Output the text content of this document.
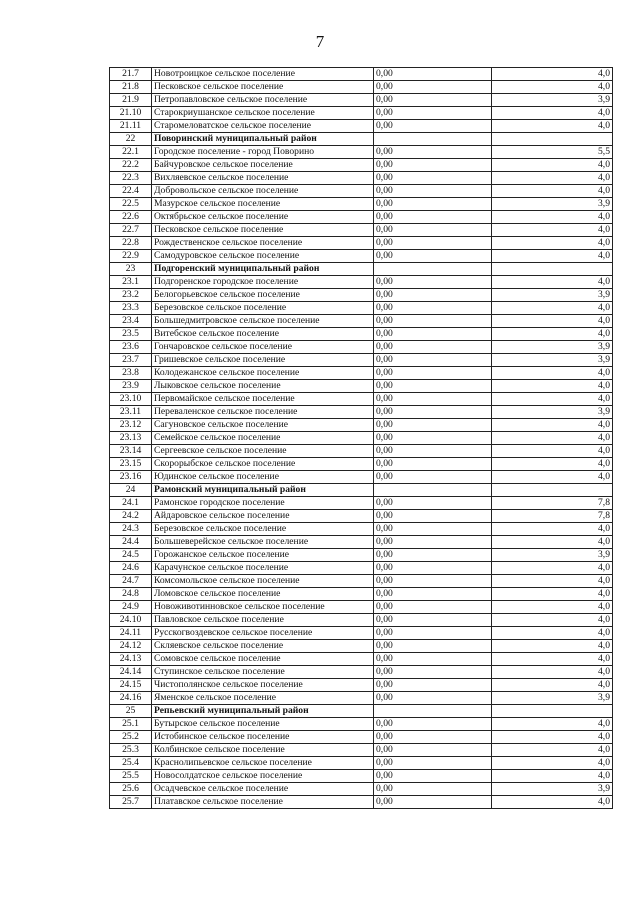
7
21.7	Новотроицкое сельское поселение	0,00	4,0
21.8	Песковское сельское поселение	0,00	4,0
21.9	Петропавловское сельское поселение	0,00	3,9
21.10	Старокриушанское сельское поселение	0,00	4,0
21.11	Старомеловатское сельское поселение	0,00	4,0
22	Поворинский муниципальный район		
22.1	Городское поселение - город Поворино	0,00	5,5
22.2	Байчуровское сельское поселение	0,00	4,0
22.3	Вихляевское сельское поселение	0,00	4,0
22.4	Добровольское сельское поселение	0,00	4,0
22.5	Мазурское сельское поселение	0,00	3,9
22.6	Октябрьское сельское поселение	0,00	4,0
22.7	Песковское сельское поселение	0,00	4,0
22.8	Рождественское сельское поселение	0,00	4,0
22.9	Самодуровское сельское поселение	0,00	4,0
23	Подгоренский муниципальный район		
23.1	Подгоренское городское поселение	0,00	4,0
23.2	Белогорьевское сельское поселение	0,00	3,9
23.3	Березовское сельское поселение	0,00	4,0
23.4	Большедмитровское сельское поселение	0,00	4,0
23.5	Витебское сельское поселение	0,00	4,0
23.6	Гончаровское сельское поселение	0,00	3,9
23.7	Гришевское сельское поселение	0,00	3,9
23.8	Колодежанское сельское поселение	0,00	4,0
23.9	Лыковское сельское поселение	0,00	4,0
23.10	Первомайское сельское поселение	0,00	4,0
23.11	Переваленское сельское поселение	0,00	3,9
23.12	Сагуновское сельское поселение	0,00	4,0
23.13	Семейское сельское поселение	0,00	4,0
23.14	Сергеевское сельское поселение	0,00	4,0
23.15	Скорорыбское сельское поселение	0,00	4,0
23.16	Юдинское сельское поселение	0,00	4,0
24	Рамонский муниципальный район		
24.1	Рамонское городское поселение	0,00	7,8
24.2	Айдаровское сельское поселение	0,00	7,8
24.3	Березовское сельское поселение	0,00	4,0
24.4	Большеверейское сельское поселение	0,00	4,0
24.5	Горожанское сельское поселение	0,00	3,9
24.6	Карачунское сельское поселение	0,00	4,0
24.7	Комсомольское сельское поселение	0,00	4,0
24.8	Ломовское сельское поселение	0,00	4,0
24.9	Новоживотинновское сельское поселение	0,00	4,0
24.10	Павловское сельское поселение	0,00	4,0
24.11	Русскогвоздевское сельское поселение	0,00	4,0
24.12	Скляевское сельское поселение	0,00	4,0
24.13	Сомовское сельское поселение	0,00	4,0
24.14	Ступинское сельское поселение	0,00	4,0
24.15	Чистополянское сельское поселение	0,00	4,0
24.16	Яменское сельское поселение	0,00	3,9
25	Репьевский муниципальный район		
25.1	Бутырское сельское поселение	0,00	4,0
25.2	Истобинское сельское поселение	0,00	4,0
25.3	Колбинское сельское поселение	0,00	4,0
25.4	Краснолипьевское сельское поселение	0,00	4,0
25.5	Новосолдатское сельское поселение	0,00	4,0
25.6	Осадчевское сельское поселение	0,00	3,9
25.7	Платавское сельское поселение	0,00	4,0
